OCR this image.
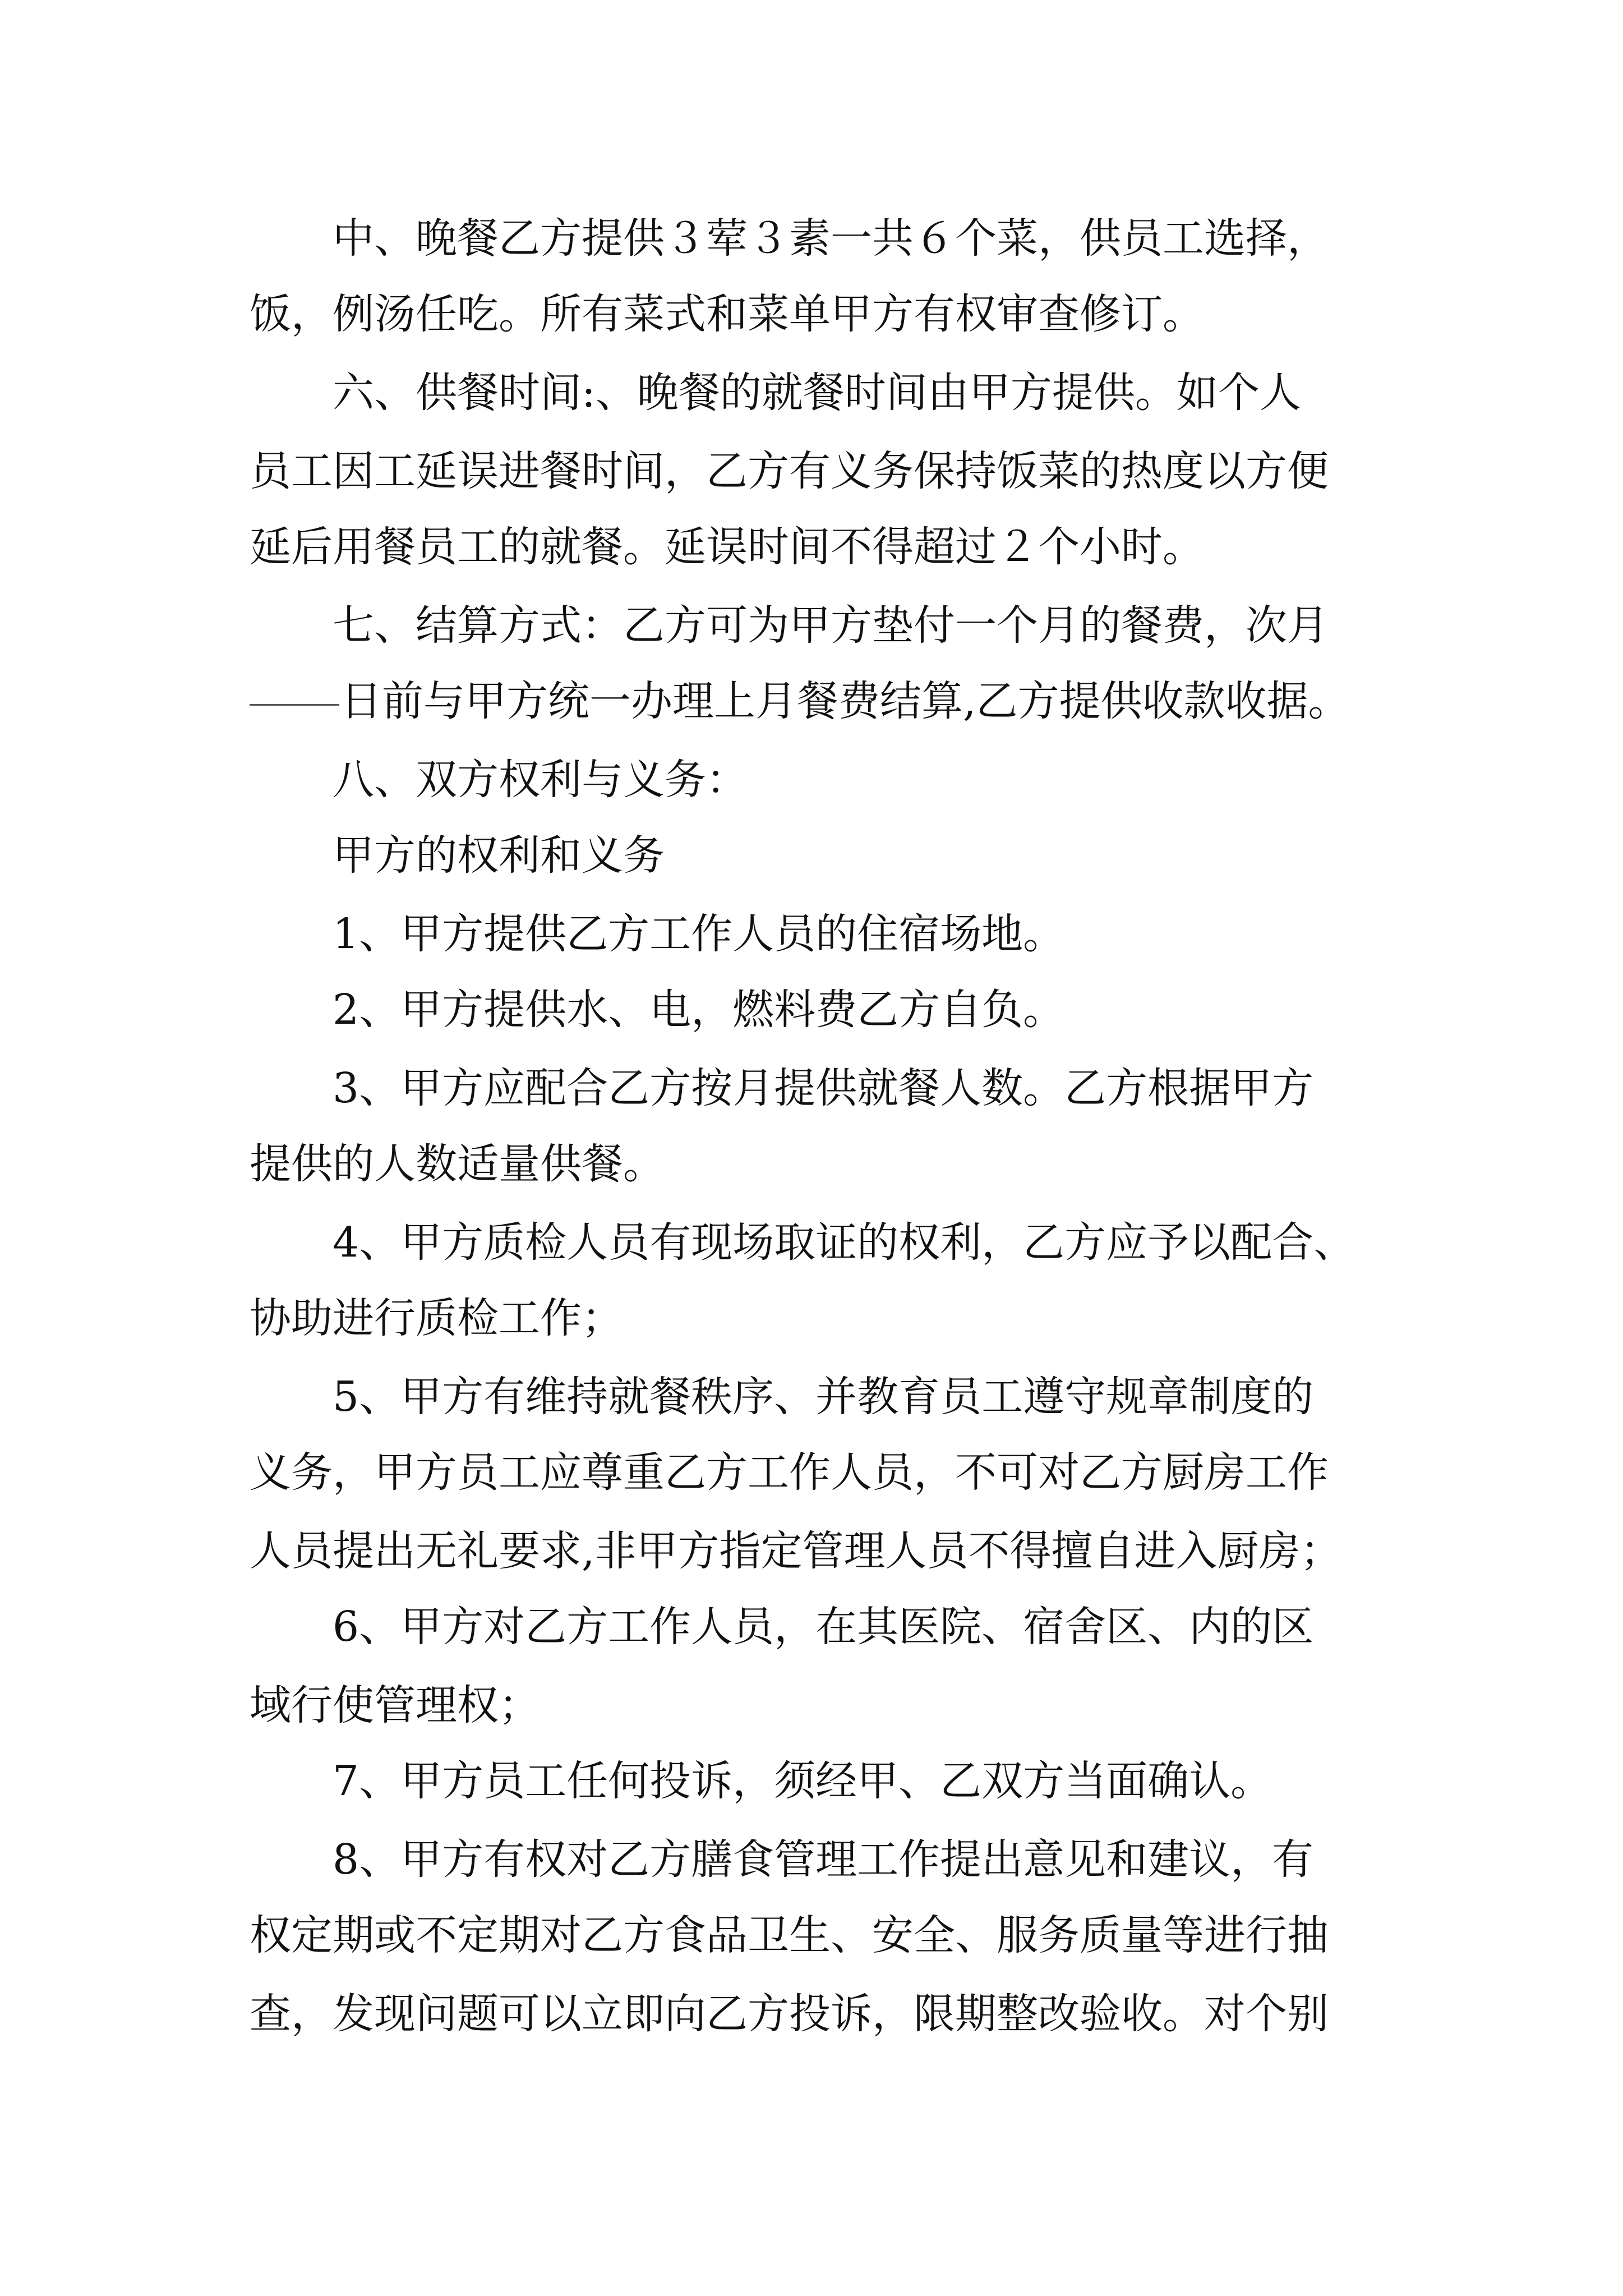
　　中、晚餐乙方提供３荤３素一共６个菜，供员工选择，
饭，例汤任吃。所有菜式和菜单甲方有权审查修订。
　　六、供餐时间:、晚餐的就餐时间由甲方提供。如个人
员工因工延误进餐时间，乙方有义务保持饭菜的热度以方便
延后用餐员工的就餐。延误时间不得超过２个小时。
　　七、结算方式：乙方可为甲方垫付一个月的餐费，次月
日前与甲方统一办理上月餐费结算,乙方提供收款收据。
　　八、双方权利与义务：
　　甲方的权利和义务
　　1、甲方提供乙方工作人员的住宿场地。
　　2、甲方提供水、电，燃料费乙方自负。
　　3、甲方应配合乙方按月提供就餐人数。乙方根据甲方
提供的人数适量供餐。
　　4、甲方质检人员有现场取证的权利，乙方应予以配合、
协助进行质检工作；
　　5、甲方有维持就餐秩序、并教育员工遵守规章制度的
义务，甲方员工应尊重乙方工作人员，不可对乙方厨房工作
人员提出无礼要求,非甲方指定管理人员不得擅自进入厨房；
　　6、甲方对乙方工作人员，在其医院、宿舍区、内的区
域行使管理权；
　　7、甲方员工任何投诉，须经甲、乙双方当面确认。
　　8、甲方有权对乙方膳食管理工作提出意见和建议，有
权定期或不定期对乙方食品卫生、安全、服务质量等进行抽
查，发现问题可以立即向乙方投诉，限期整改验收。对个别
